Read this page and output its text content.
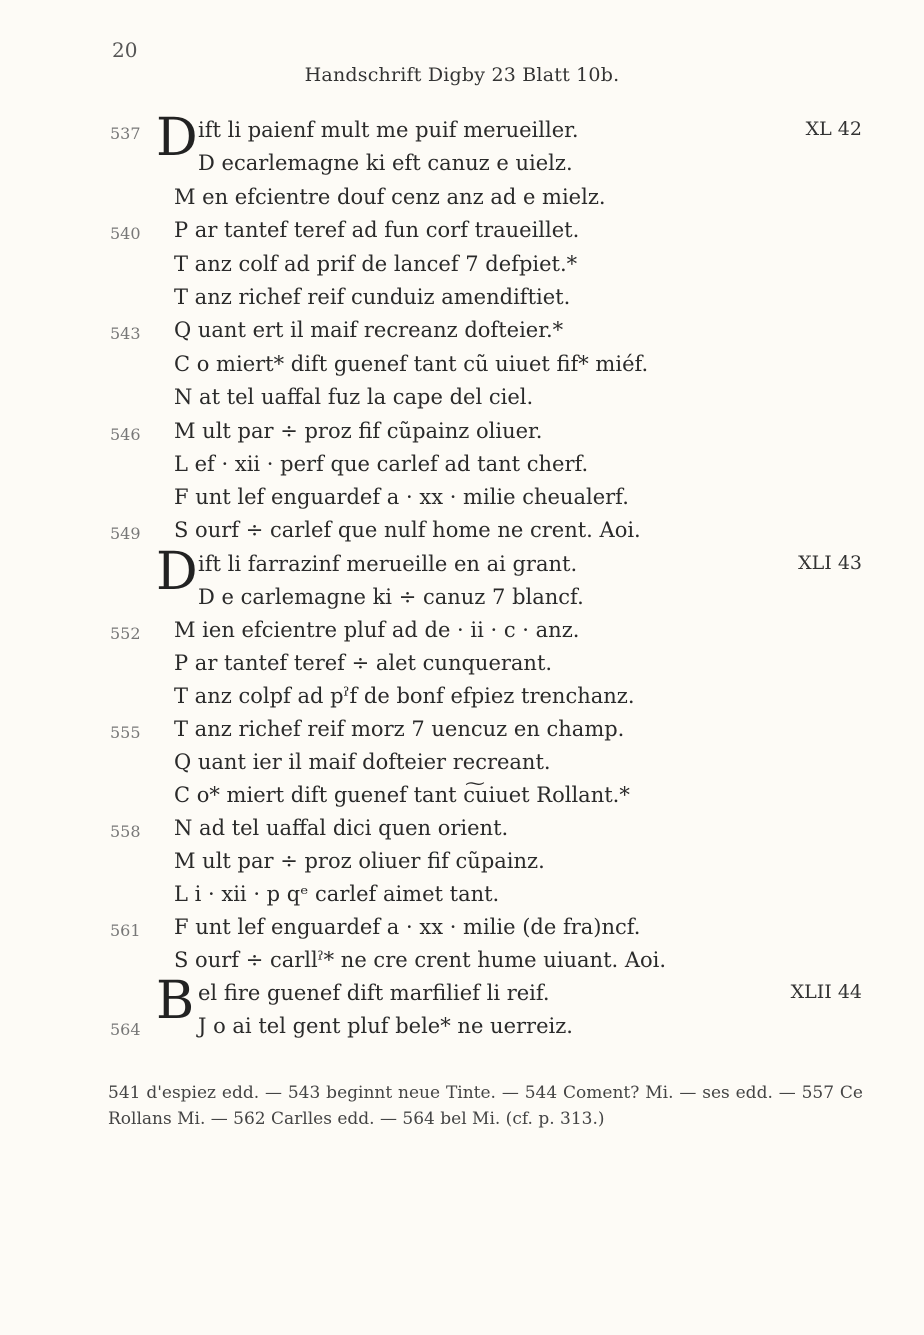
20
Handschrift Digby 23 Blatt 10b.
537 D ift li paienf mult me puif merueiller.	XL 42
D ecarlemagne ki eft canuz e uielz.
M en efcientre douf cenz anz ad e mielz.
540 P ar tantef teref ad fun corf traueillet.
T anz colf ad prif de lancef 7 defpiet.*
T anz richef reif cunduiz amendiftiet.
543 Q uant ert il maif recreanz dofteier.*
C o miert* dift guenef tant cũ uiuet fif* miéf.
N at tel uaffal fuz la cape del ciel.
546 M ult par ÷ proz fif cũpainz oliuer.
L ef · xii · perf que carlef ad tant cherf.
F unt lef enguardef a · xx · milie cheualerf.
549 S ourf ÷ carlef que nulf home ne crent. Aoi.
D ift li farrazinf merueille en ai grant.	XLI 43
D e carlemagne ki ÷ canuz 7 blancf.
552 M ien efcientre pluf ad de · ii · c · anz.
P ar tantef teref ÷ alet cunquerant.
T anz colpf ad pˀf de bonf efpiez trenchanz.
555 T anz richef reif morz 7 uencuz en champ.
Q uant ier il maif dofteier recreant.
C o* miert dift guenef tant c͠uiuet Rollant.*
558 N ad tel uaffal dici quen orient.
M ult par ÷ proz oliuer fif cũpainz.
L i · xii · p qᵉ carlef aimet tant.
561 F unt lef enguardef a · xx · milie (de fra)ncf.
S ourf ÷ carllˀ* ne cre crent hume uiuant. Aoi.
B el fire guenef dift marfilief li reif.	XLII 44
564	J o ai tel gent pluf bele* ne uerreiz.
541 d'espiez edd. — 543 beginnt neue Tinte. — 544 Coment? Mi. — ses edd. — 557 Ce Rollans Mi. — 562 Carlles edd. — 564 bel Mi. (cf. p. 313.)
